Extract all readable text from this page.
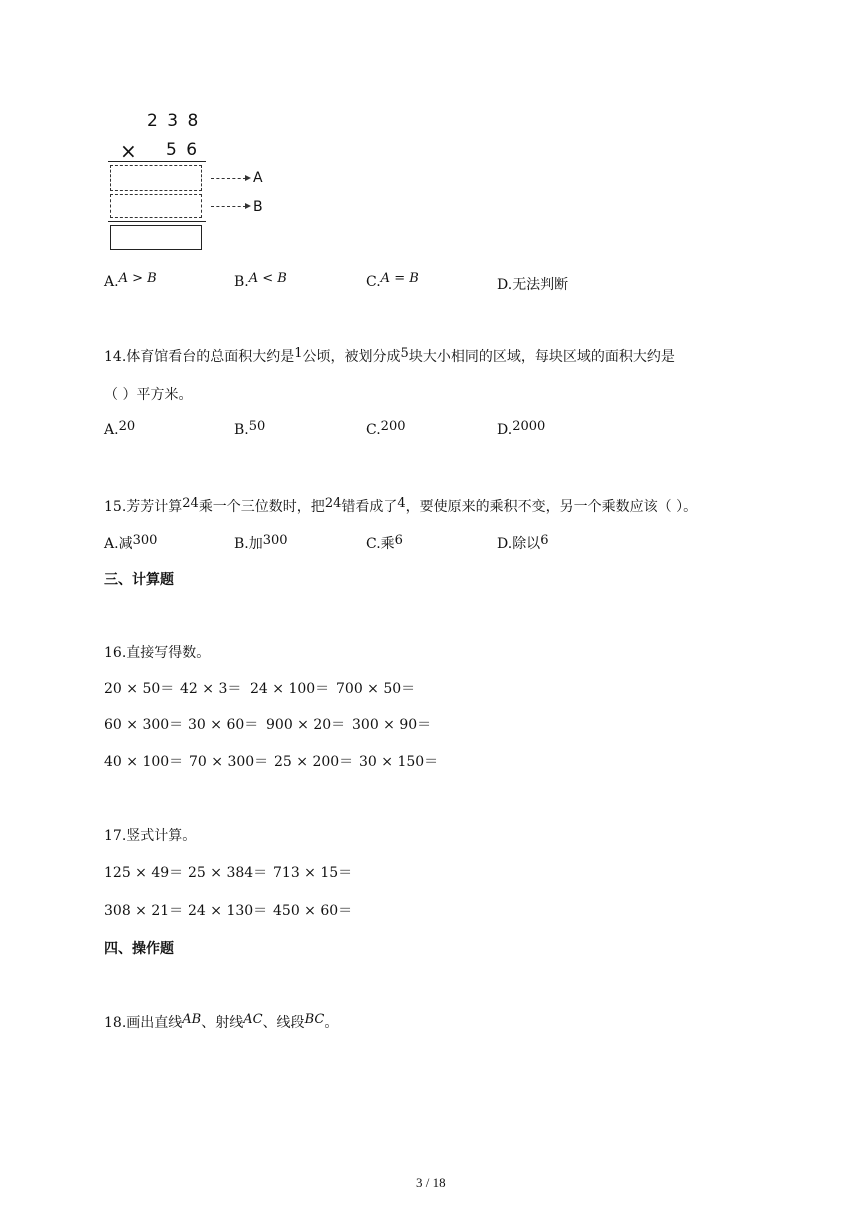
2 3 8
× 5 6
A
B
A.A > B	B.A < B	C.A = B	D.无法判断
14.体育馆看台的总面积大约是1公顷，被划分成5块大小相同的区域，每块区域的面积大约是
（ ）平方米。
A.20	B.50	C.200	D.2000
15.芳芳计算24乘一个三位数时，把24错看成了4，要使原来的乘积不变，另一个乘数应该（ ）。
A.减300	B.加300	C.乘6	D.除以6
三、计算题
16.直接写得数。
20 × 50＝ 42 × 3＝ 24 × 100＝ 700 × 50＝
60 × 300＝ 30 × 60＝ 900 × 20＝ 300 × 90＝
40 × 100＝ 70 × 300＝ 25 × 200＝ 30 × 150＝
17.竖式计算。
125 × 49＝ 25 × 384＝ 713 × 15＝
308 × 21＝ 24 × 130＝ 450 × 60＝
四、操作题
18.画出直线AB、射线AC、线段BC。
3 / 18
